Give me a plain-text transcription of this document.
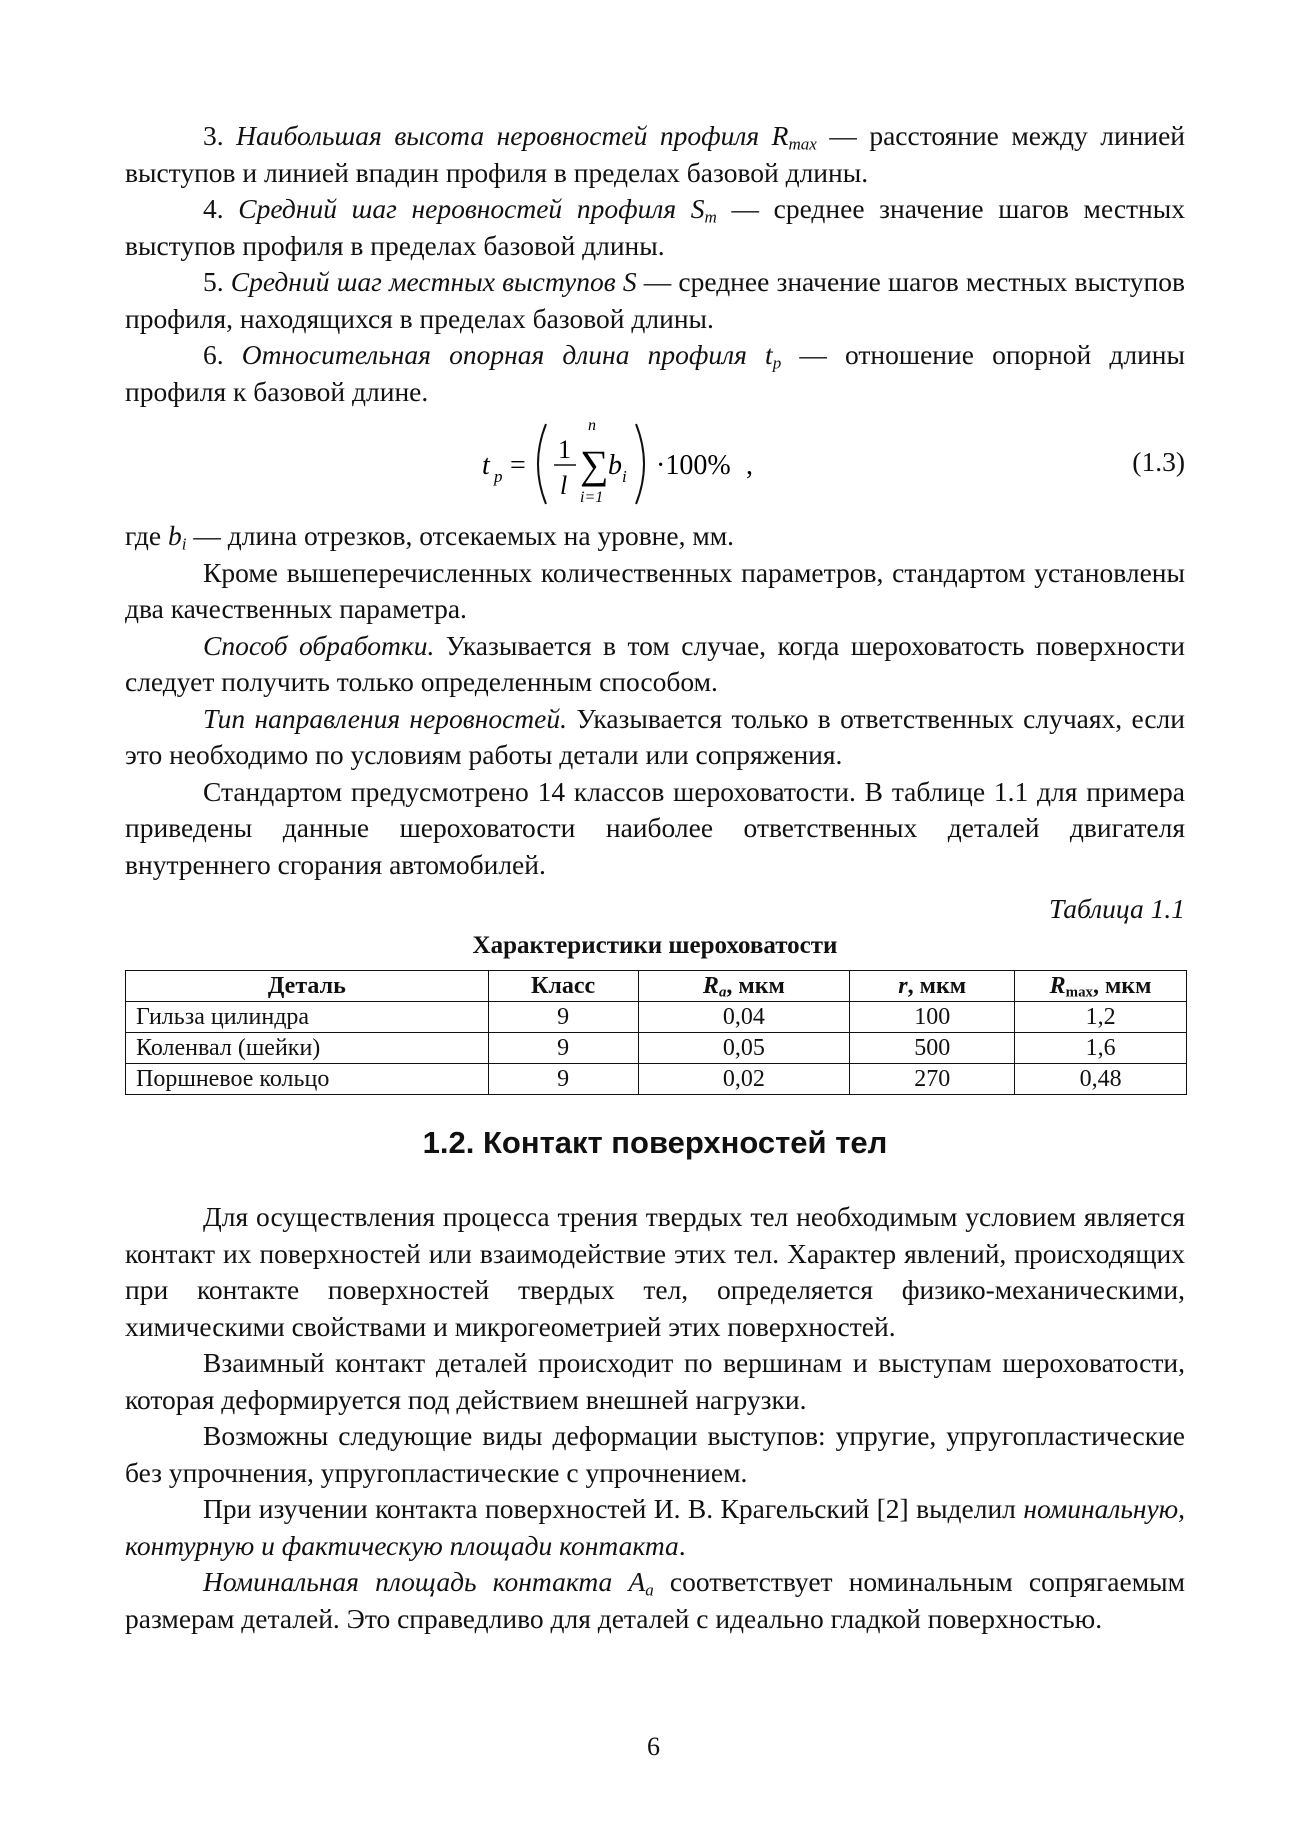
3. Наибольшая высота неровностей профиля $R_{max}$ — расстояние между линией выступов и линией впадин профиля в пределах базовой длины.

4. Средний шаг неровностей профиля $S_m$ — среднее значение шагов местных выступов профиля в пределах базовой длины.

5. Средний шаг местных выступов S — среднее значение шагов местных выступов профиля, находящихся в пределах базовой длины.

6. Относительная опорная длина профиля $t_p$ — отношение опорной длины профиля к базовой длине.

t p =
1
l
n
∑
i=1
b i ·100% ,	(1.3)

где $b_i$ — длина отрезков, отсекаемых на уровне, мм.

Кроме вышеперечисленных количественных параметров, стандартом установлены два качественных параметра.

Способ обработки. Указывается в том случае, когда шероховатость поверхности следует получить только определенным способом.

Тип направления неровностей. Указывается только в ответственных случаях, если это необходимо по условиям работы детали или сопряжения.

Стандартом предусмотрено 14 классов шероховатости. В таблице 1.1 для примера приведены данные шероховатости наиболее ответственных деталей двигателя внутреннего сгорания автомобилей.

Таблица 1.1
Характеристики шероховатости
Деталь	Класс	$R_a$, мкм	r, мкм	$R_{max}$, мкм
Гильза цилиндра	9	0,04	100	1,2
Коленвал (шейки)	9	0,05	500	1,6
Поршневое кольцо	9	0,02	270	0,48
1.2. Контакт поверхностей тел

Для осуществления процесса трения твердых тел необходимым условием является контакт их поверхностей или взаимодействие этих тел. Характер явлений, происходящих при контакте поверхностей твердых тел, определяется физико-механическими, химическими свойствами и микрогеометрией этих поверхностей.

Взаимный контакт деталей происходит по вершинам и выступам шероховатости, которая деформируется под действием внешней нагрузки.

Возможны следующие виды деформации выступов: упругие, упругопластические без упрочнения, упругопластические с упрочнением.

При изучении контакта поверхностей И. В. Крагельский [2] выделил номинальную, контурную и фактическую площади контакта.

Номинальная площадь контакта $A_a$ соответствует номинальным сопрягаемым размерам деталей. Это справедливо для деталей с идеально гладкой поверхностью.

6
